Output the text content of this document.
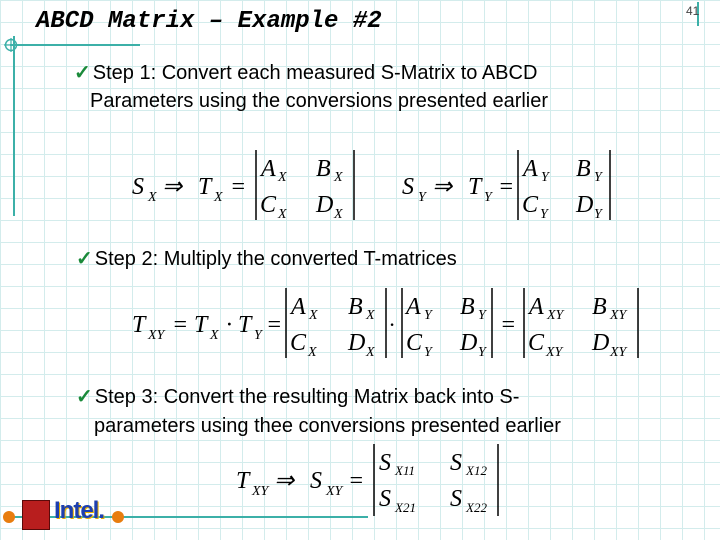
ABCD Matrix – Example #2	41
✓ Step 1: Convert each measured S-Matrix to ABCD
Parameters using the conversions presented earlier
S X ⇒ T X =
A X B X
C X D X
S Y ⇒ T Y =
A Y B Y
C Y D Y
✓ Step 2: Multiply the converted T-matrices
T XY = T X · T Y =
A X B X
C X D X
·
A Y B Y
C Y D Y
=
A XY B XY
C XY D XY
✓ Step 3: Convert the resulting Matrix back into S-
parameters using thee conversions presented earlier
T XY ⇒ S XY =
S X11 S X12
S X21 S X22
Intel.
